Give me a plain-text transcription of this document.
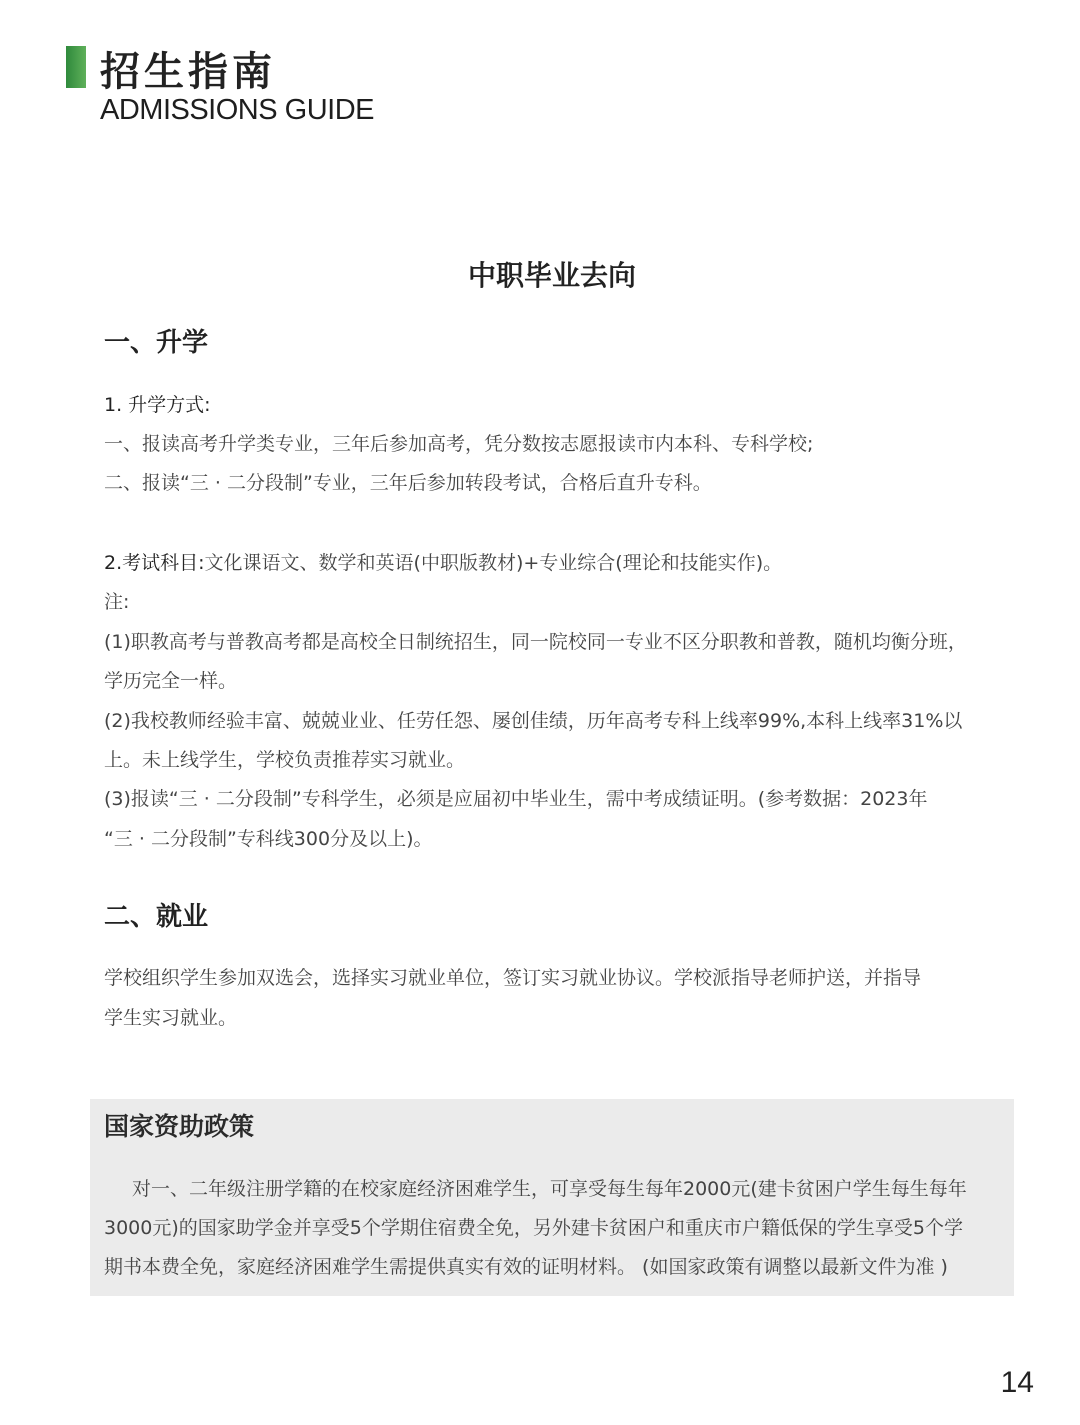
招生指南
ADMISSIONS GUIDE
中职毕业去向
一、升学
1. 升学方式:
一、报读高考升学类专业，三年后参加高考，凭分数按志愿报读市内本科、专科学校;
二、报读“三 · 二分段制”专业，三年后参加转段考试，合格后直升专科。
2.考试科目:文化课语文、数学和英语(中职版教材)+专业综合(理论和技能实作)。
注:
(1)职教高考与普教高考都是高校全日制统招生，同一院校同一专业不区分职教和普教，随机均衡分班，
学历完全一样。
(2)我校教师经验丰富、兢兢业业、任劳任怨、屡创佳绩，历年高考专科上线率99%,本科上线率31%以
上。未上线学生，学校负责推荐实习就业。
(3)报读“三 · 二分段制”专科学生，必须是应届初中毕业生，需中考成绩证明。(参考数据：2023年
“三 · 二分段制”专科线300分及以上)。
二、就业
学校组织学生参加双选会，选择实习就业单位，签订实习就业协议。学校派指导老师护送，并指导
学生实习就业。
国家资助政策
对一、二年级注册学籍的在校家庭经济困难学生，可享受每生每年2000元(建卡贫困户学生每生每年
3000元)的国家助学金并享受5个学期住宿费全免，另外建卡贫困户和重庆市户籍低保的学生享受5个学
期书本费全免，家庭经济困难学生需提供真实有效的证明材料。 (如国家政策有调整以最新文件为准 )
14
